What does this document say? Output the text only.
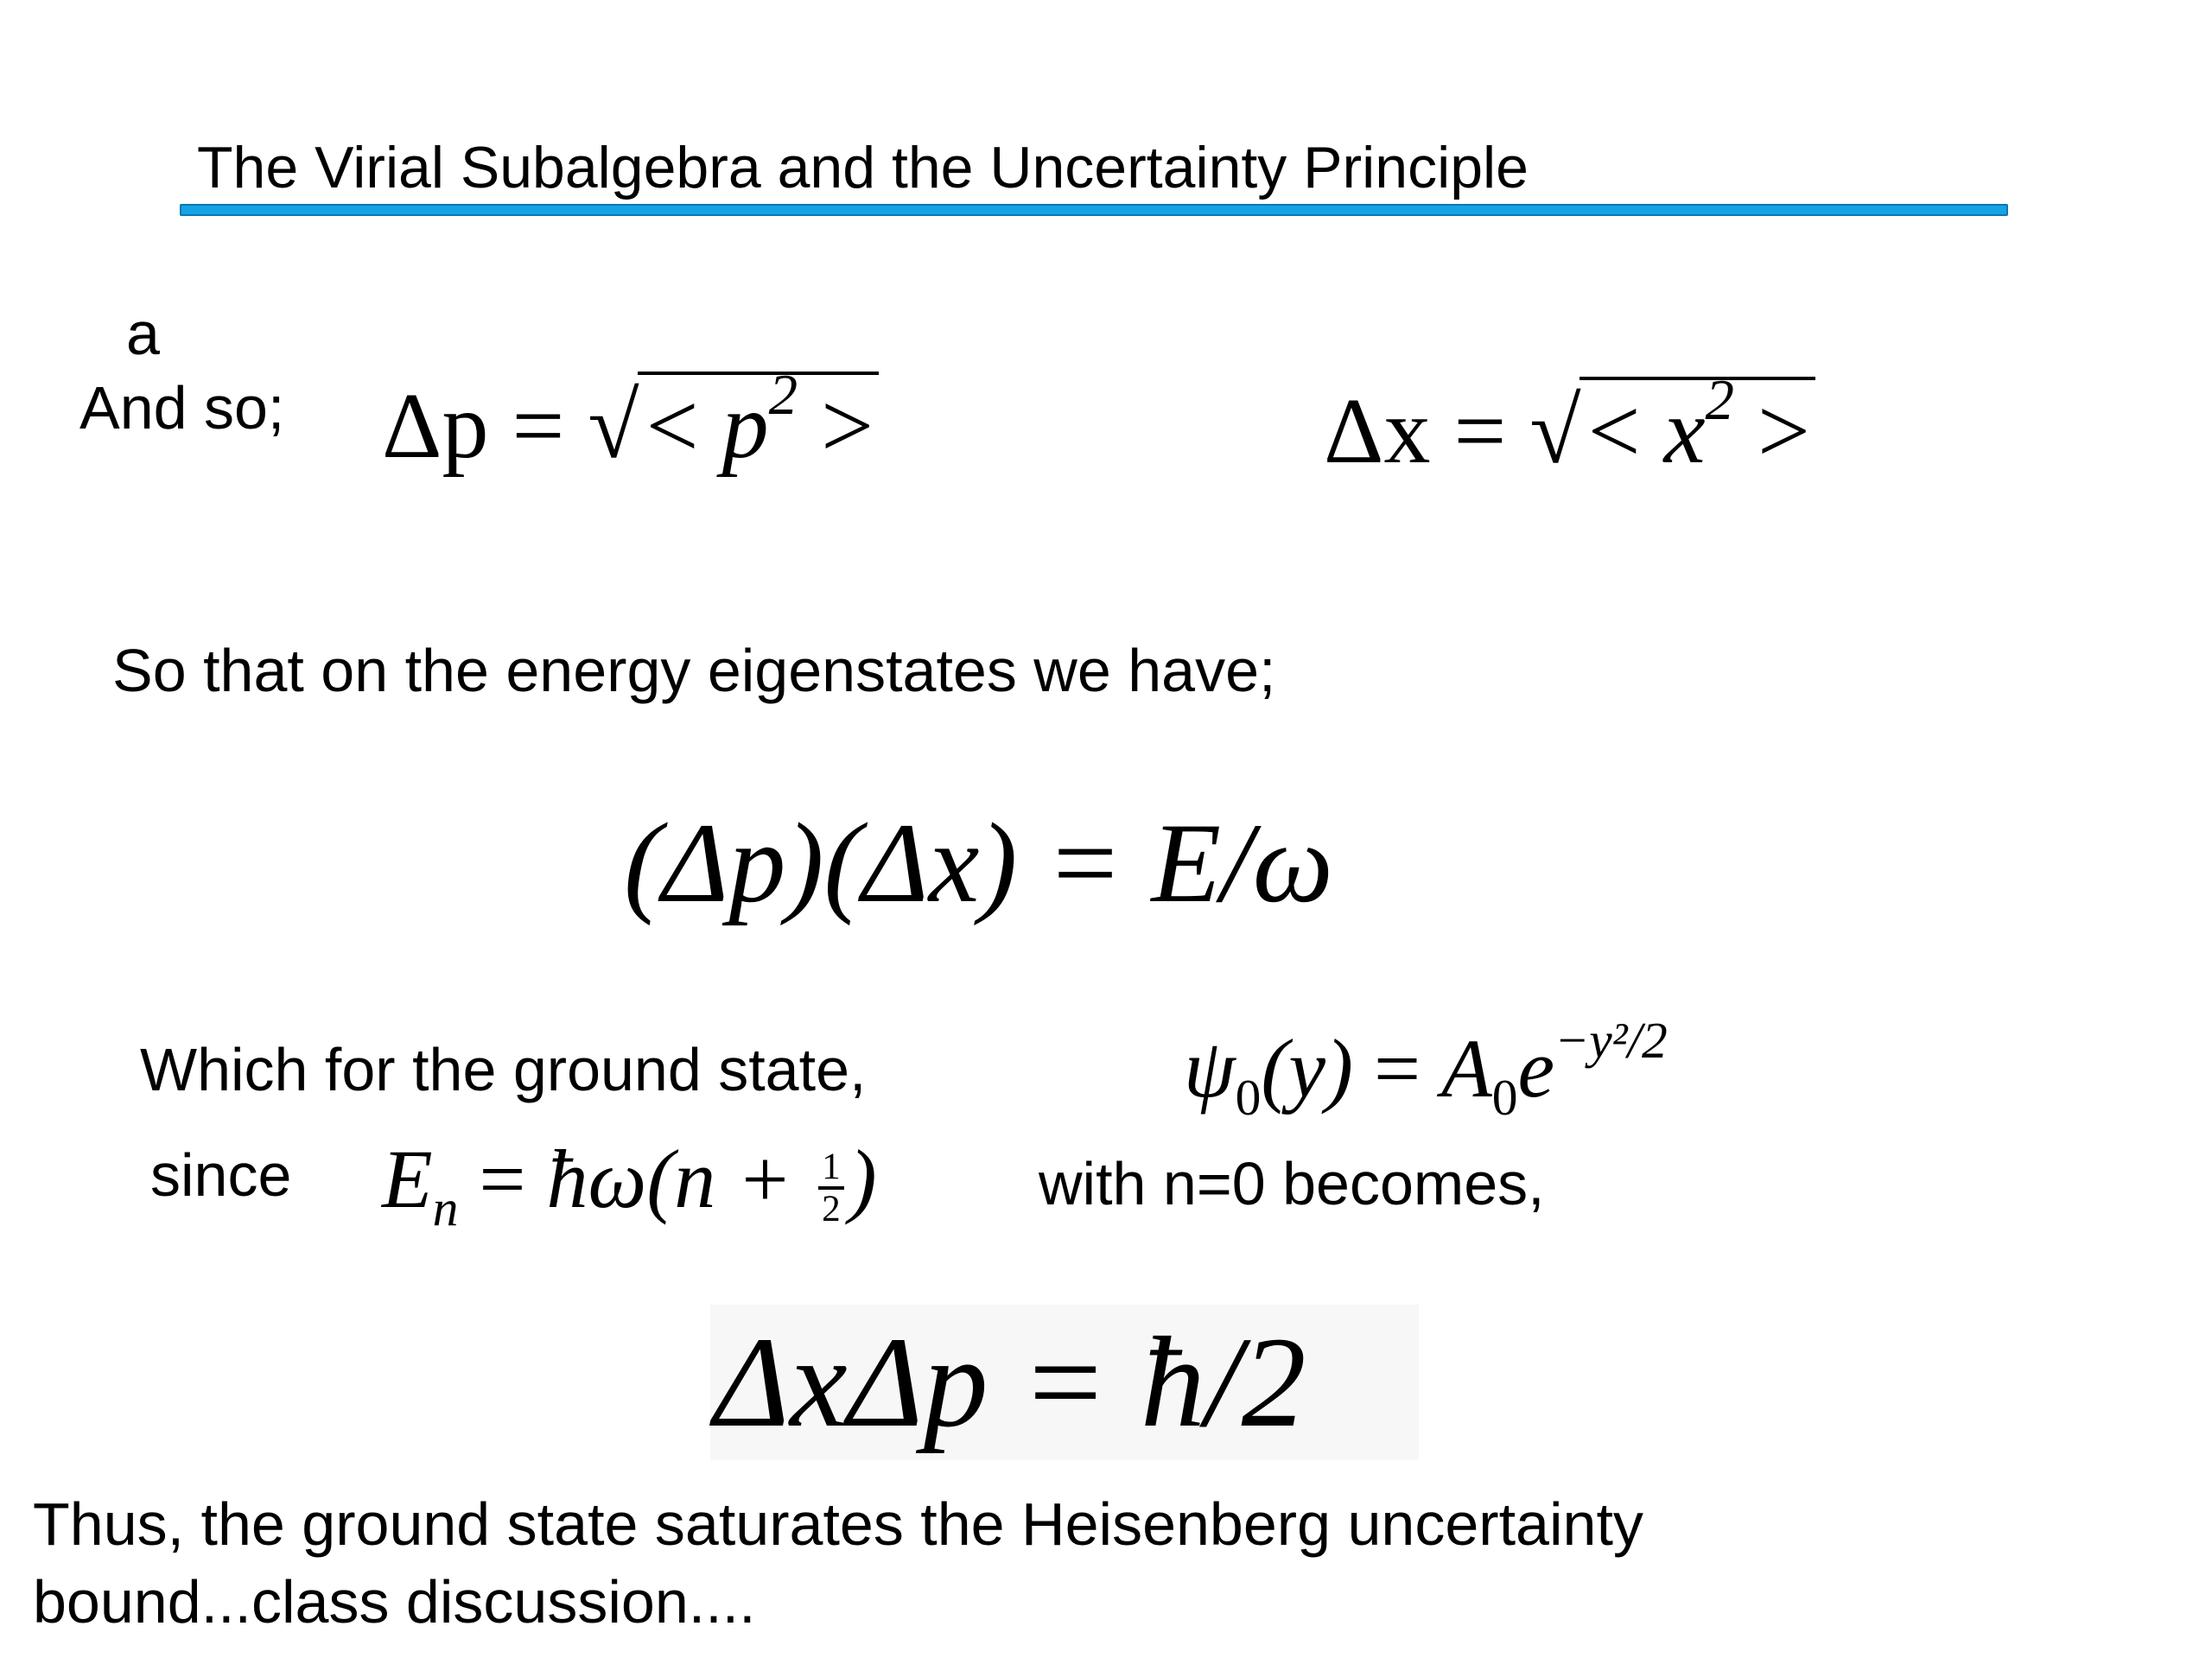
The Virial Subalgebra and the Uncertainty Principle
a
And so; Δp = √< $p^2$ >	Δx = √< $x^2$ >
So that on the energy eigenstates we have;
(Δp)(Δx) = E/ω
Which for the ground state,	$\psi_0(y) = A_0e^{-y^2/2}$
since $E_n$ = ħω(n + $\frac{1}{2}$ )	with n=0 becomes,
ΔxΔp = ħ/2
Thus, the ground state saturates the Heisenberg uncertainty
bound...class discussion....
